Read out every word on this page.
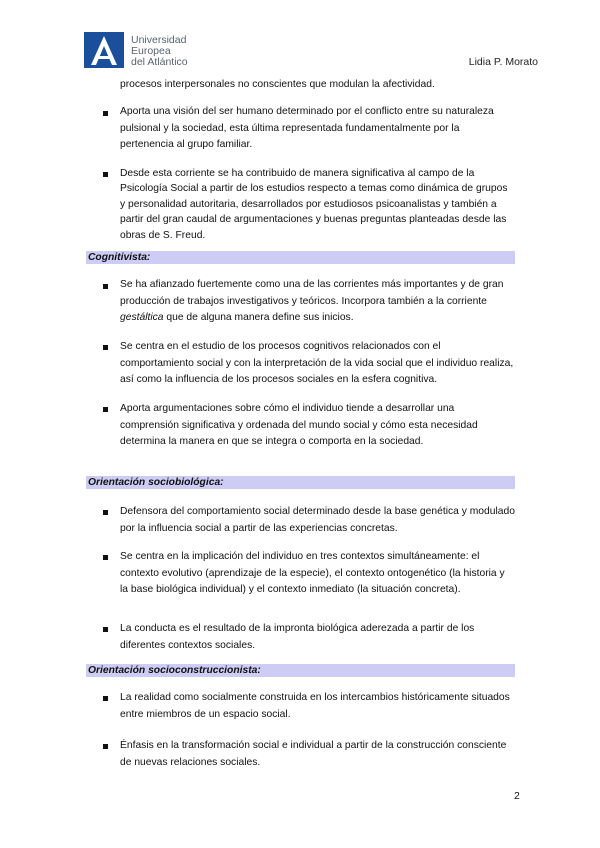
Universidad
Europea
del Atlántico	Lidia P. Morato
procesos interpersonales no conscientes que modulan la afectividad.
Aporta una visión del ser humano determinado por el conflicto entre su naturaleza pulsional y la sociedad, esta última representada fundamentalmente por la pertenencia al grupo familiar.
Desde esta corriente se ha contribuido de manera significativa al campo de la Psicología Social a partir de los estudios respecto a temas como dinámica de grupos y personalidad autoritaria, desarrollados por estudiosos psicoanalistas y también a partir del gran caudal de argumentaciones y buenas preguntas planteadas desde las obras de S. Freud.
Cognitivista:
Se ha afianzado fuertemente como una de las corrientes más importantes y de gran producción de trabajos investigativos y teóricos. Incorpora también a la corriente gestáltica que de alguna manera define sus inicios.
Se centra en el estudio de los procesos cognitivos relacionados con el comportamiento social y con la interpretación de la vida social que el individuo realiza, así como la influencia de los procesos sociales en la esfera cognitiva.
Aporta argumentaciones sobre cómo el individuo tiende a desarrollar una comprensión significativa y ordenada del mundo social y cómo esta necesidad determina la manera en que se integra o comporta en la sociedad.
Orientación sociobiológica:
Defensora del comportamiento social determinado desde la base genética y modulado por la influencia social a partir de las experiencias concretas.
Se centra en la implicación del individuo en tres contextos simultáneamente: el contexto evolutivo (aprendizaje de la especie), el contexto ontogenético (la historia y la base biológica individual) y el contexto inmediato (la situación concreta).
La conducta es el resultado de la impronta biológica aderezada a partir de los diferentes contextos sociales.
Orientación socioconstruccionista:
La realidad como socialmente construida en los intercambios históricamente situados entre miembros de un espacio social.
Énfasis en la transformación social e individual a partir de la construcción consciente de nuevas relaciones sociales.
2
